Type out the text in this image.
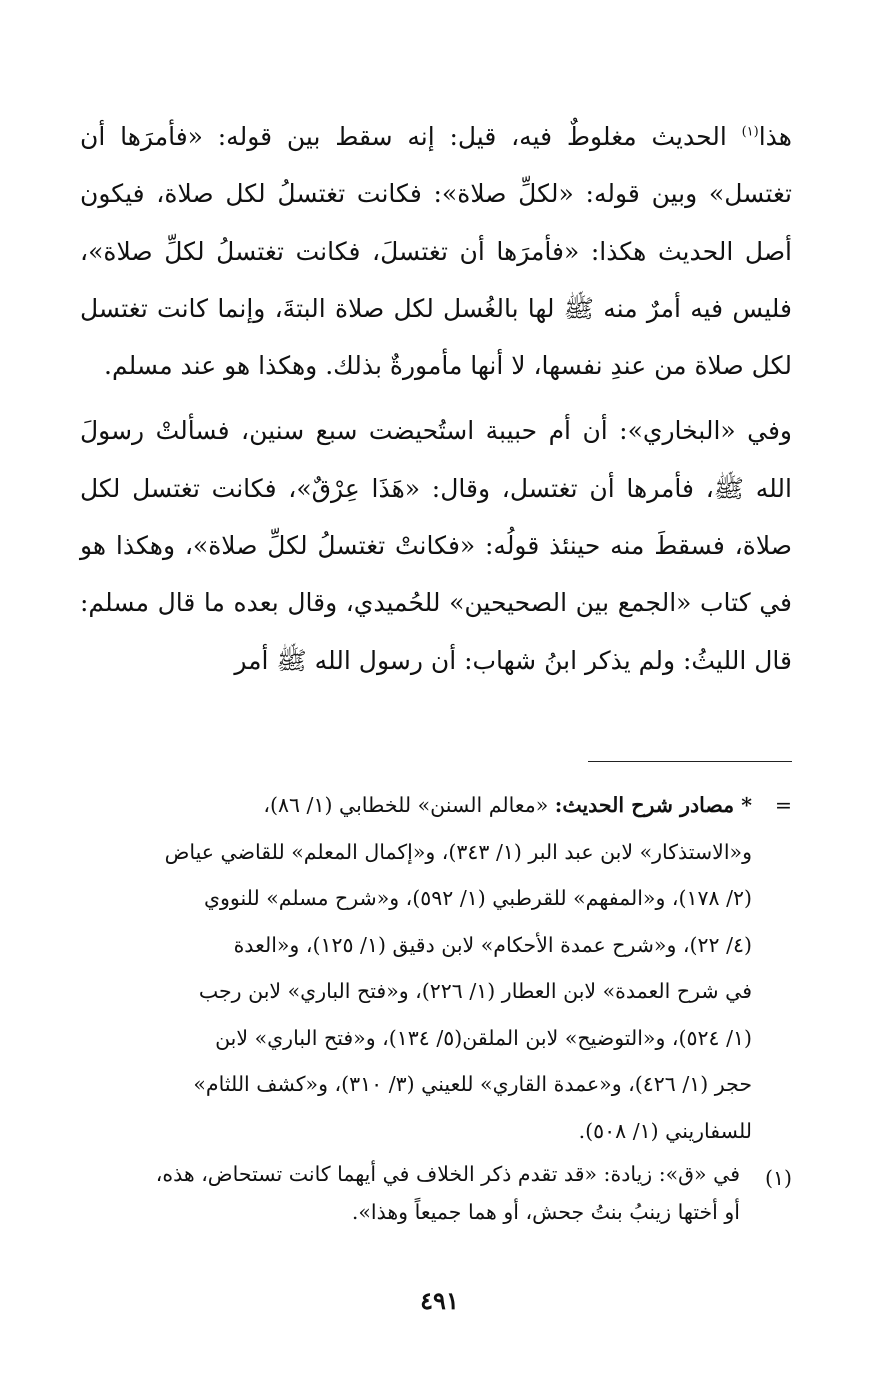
هذا$^{(١)}$ الحديث مغلوطٌ فيه، قيل: إنه سقط بين قوله: «فأمرَها أن تغتسل» وبين قوله: «لكلِّ صلاة»: فكانت تغتسلُ لكل صلاة، فيكون أصل الحديث هكذا: «فأمرَها أن تغتسلَ، فكانت تغتسلُ لكلِّ صلاة»، فليس فيه أمرٌ منه ﷺ لها بالغُسل لكل صلاة البتةَ، وإنما كانت تغتسل لكل صلاة من عندِ نفسها، لا أنها مأمورةٌ بذلك. وهكذا هو عند مسلم.

وفي «البخاري»: أن أم حبيبة استُحيضت سبع سنين، فسألتْ رسولَ الله ﷺ، فأمرها أن تغتسل، وقال: «هَذَا عِرْقٌ»، فكانت تغتسل لكل صلاة، فسقطَ منه حينئذ قولُه: «فكانتْ تغتسلُ لكلِّ صلاة»، وهكذا هو في كتاب «الجمع بين الصحيحين» للحُميدي، وقال بعده ما قال مسلم: قال الليثُ: ولم يذكر ابنُ شهاب: أن رسول الله ﷺ أمر

=
* مصادر شرح الحديث: «معالم السنن» للخطابي (١/ ٨٦)،
و«الاستذكار» لابن عبد البر (١/ ٣٤٣)، و«إكمال المعلم» للقاضي عياض
(٢/ ١٧٨)، و«المفهم» للقرطبي (١/ ٥٩٢)، و«شرح مسلم» للنووي
(٤/ ٢٢)، و«شرح عمدة الأحكام» لابن دقيق (١/ ١٢٥)، و«العدة
في شرح العمدة» لابن العطار (١/ ٢٢٦)، و«فتح الباري» لابن رجب
(١/ ٥٢٤)، و«التوضيح» لابن الملقن(٥/ ١٣٤)، و«فتح الباري» لابن
حجر (١/ ٤٢٦)، و«عمدة القاري» للعيني (٣/ ٣١٠)، و«كشف اللثام»
للسفاريني (١/ ٥٠٨).
(١)
في «ق»: زيادة: «قد تقدم ذكر الخلاف في أيهما كانت تستحاض، هذه،
أو أختها زينبُ بنتُ جحش، أو هما جميعاً وهذا».
٤٩١
